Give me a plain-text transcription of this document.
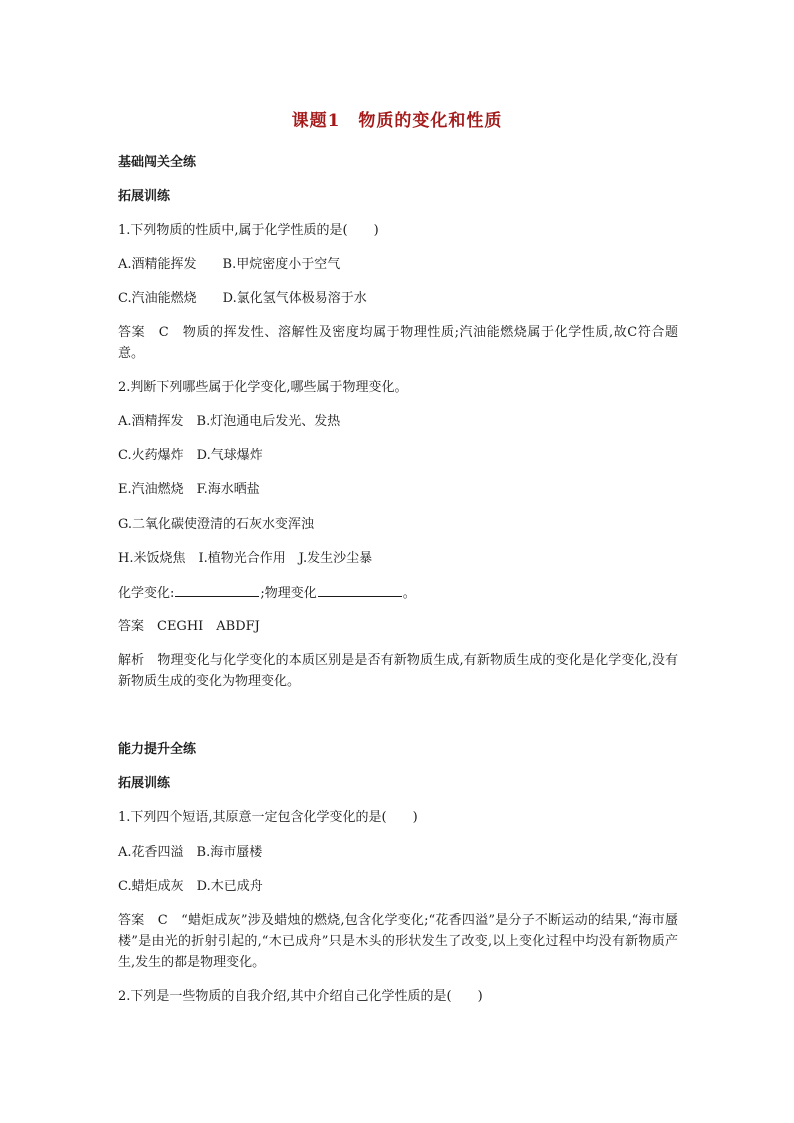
课题1　物质的变化和性质
基础闯关全练
拓展训练
1.下列物质的性质中,属于化学性质的是(　　)
A.酒精能挥发　　B.甲烷密度小于空气
C.汽油能燃烧　　D.氯化氢气体极易溶于水
答案　C　物质的挥发性、溶解性及密度均属于物理性质;汽油能燃烧属于化学性质,故C符合题意。
2.判断下列哪些属于化学变化,哪些属于物理变化。
A.酒精挥发　B.灯泡通电后发光、发热
C.火药爆炸　D.气球爆炸
E.汽油燃烧　F.海水晒盐
G.二氧化碳使澄清的石灰水变浑浊
H.米饭烧焦　I.植物光合作用　J.发生沙尘暴
化学变化:	;物理变化	。
答案　CEGHI　ABDFJ
解析　物理变化与化学变化的本质区别是是否有新物质生成,有新物质生成的变化是化学变化,没有新物质生成的变化为物理变化。
能力提升全练
拓展训练
1.下列四个短语,其原意一定包含化学变化的是(　　)
A.花香四溢　B.海市蜃楼
C.蜡炬成灰　D.木已成舟
答案　C　“蜡炬成灰”涉及蜡烛的燃烧,包含化学变化;“花香四溢”是分子不断运动的结果,“海市蜃楼”是由光的折射引起的,“木已成舟”只是木头的形状发生了改变,以上变化过程中均没有新物质产生,发生的都是物理变化。
2.下列是一些物质的自我介绍,其中介绍自己化学性质的是(　　)
